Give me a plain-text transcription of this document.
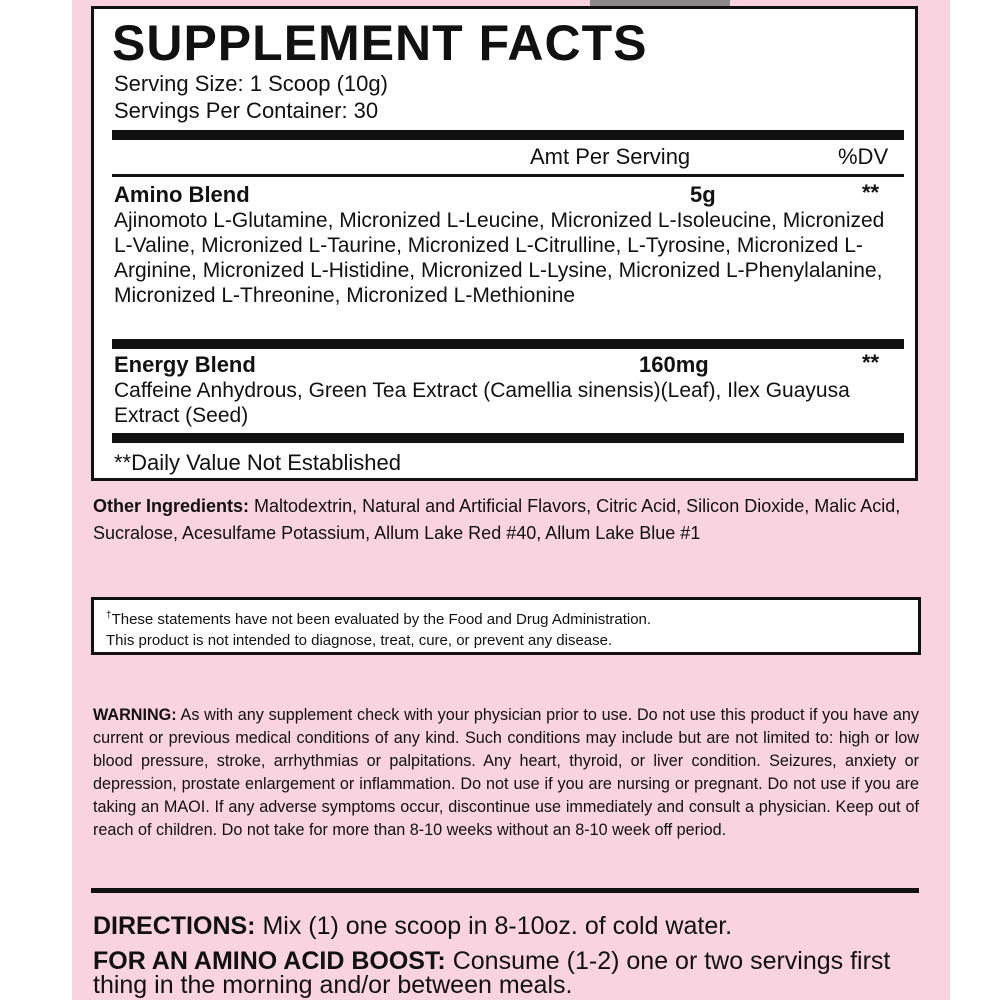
SUPPLEMENT FACTS
Serving Size: 1 Scoop (10g)
Servings Per Container: 30
Amt Per Serving	%DV
Amino Blend	5g	**
Ajinomoto L-Glutamine, Micronized L-Leucine, Micronized L-Isoleucine, Micronized L-Valine, Micronized L-Taurine, Micronized L-Citrulline, L-Tyrosine, Micronized L-Arginine, Micronized L-Histidine, Micronized L-Lysine, Micronized L-Phenylalanine, Micronized L-Threonine, Micronized L-Methionine
Energy Blend	160mg	**
Caffeine Anhydrous, Green Tea Extract (Camellia sinensis)(Leaf), Ilex Guayusa Extract (Seed)
**Daily Value Not Established
Other Ingredients: Maltodextrin, Natural and Artificial Flavors, Citric Acid, Silicon Dioxide, Malic Acid, Sucralose, Acesulfame Potassium, Allum Lake Red #40, Allum Lake Blue #1
†These statements have not been evaluated by the Food and Drug Administration.
This product is not intended to diagnose, treat, cure, or prevent any disease.
WARNING: As with any supplement check with your physician prior to use. Do not use this product if you have any current or previous medical conditions of any kind. Such conditions may include but are not limited to: high or low blood pressure, stroke, arrhythmias or palpitations. Any heart, thyroid, or liver condition. Seizures, anxiety or depression, prostate enlargement or inflammation. Do not use if you are nursing or pregnant. Do not use if you are taking an MAOI. If any adverse symptoms occur, discontinue use immediately and consult a physician. Keep out of reach of children. Do not take for more than 8-10 weeks without an 8-10 week off period.
DIRECTIONS: Mix (1) one scoop in 8-10oz. of cold water.
FOR AN AMINO ACID BOOST: Consume (1-2) one or two servings first thing in the morning and/or between meals.
